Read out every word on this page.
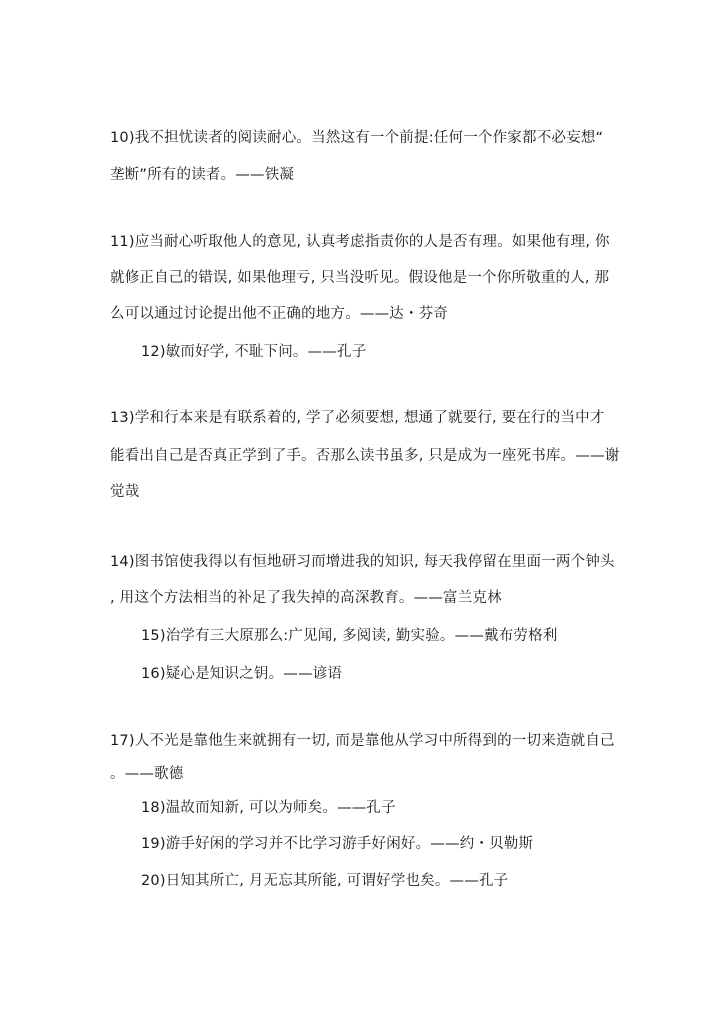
10)我不担忧读者的阅读耐心。当然这有一个前提:任何一个作家都不必妄想“
垄断”所有的读者。——铁凝
11)应当耐心听取他人的意见, 认真考虑指责你的人是否有理。如果他有理, 你
就修正自己的错误, 如果他理亏, 只当没听见。假设他是一个你所敬重的人, 那
么可以通过讨论提出他不正确的地方。——达・芬奇
12)敏而好学, 不耻下问。——孔子
13)学和行本来是有联系着的, 学了必须要想, 想通了就要行, 要在行的当中才
能看出自己是否真正学到了手。否那么读书虽多, 只是成为一座死书库。——谢
觉哉
14)图书馆使我得以有恒地研习而增进我的知识, 每天我停留在里面一两个钟头
, 用这个方法相当的补足了我失掉的高深教育。——富兰克林
15)治学有三大原那么:广见闻, 多阅读, 勤实验。——戴布劳格利
16)疑心是知识之钥。——谚语
17)人不光是靠他生来就拥有一切, 而是靠他从学习中所得到的一切来造就自己
。——歌德
18)温故而知新, 可以为师矣。——孔子
19)游手好闲的学习并不比学习游手好闲好。——约・贝勒斯
20)日知其所亡, 月无忘其所能, 可谓好学也矣。——孔子
